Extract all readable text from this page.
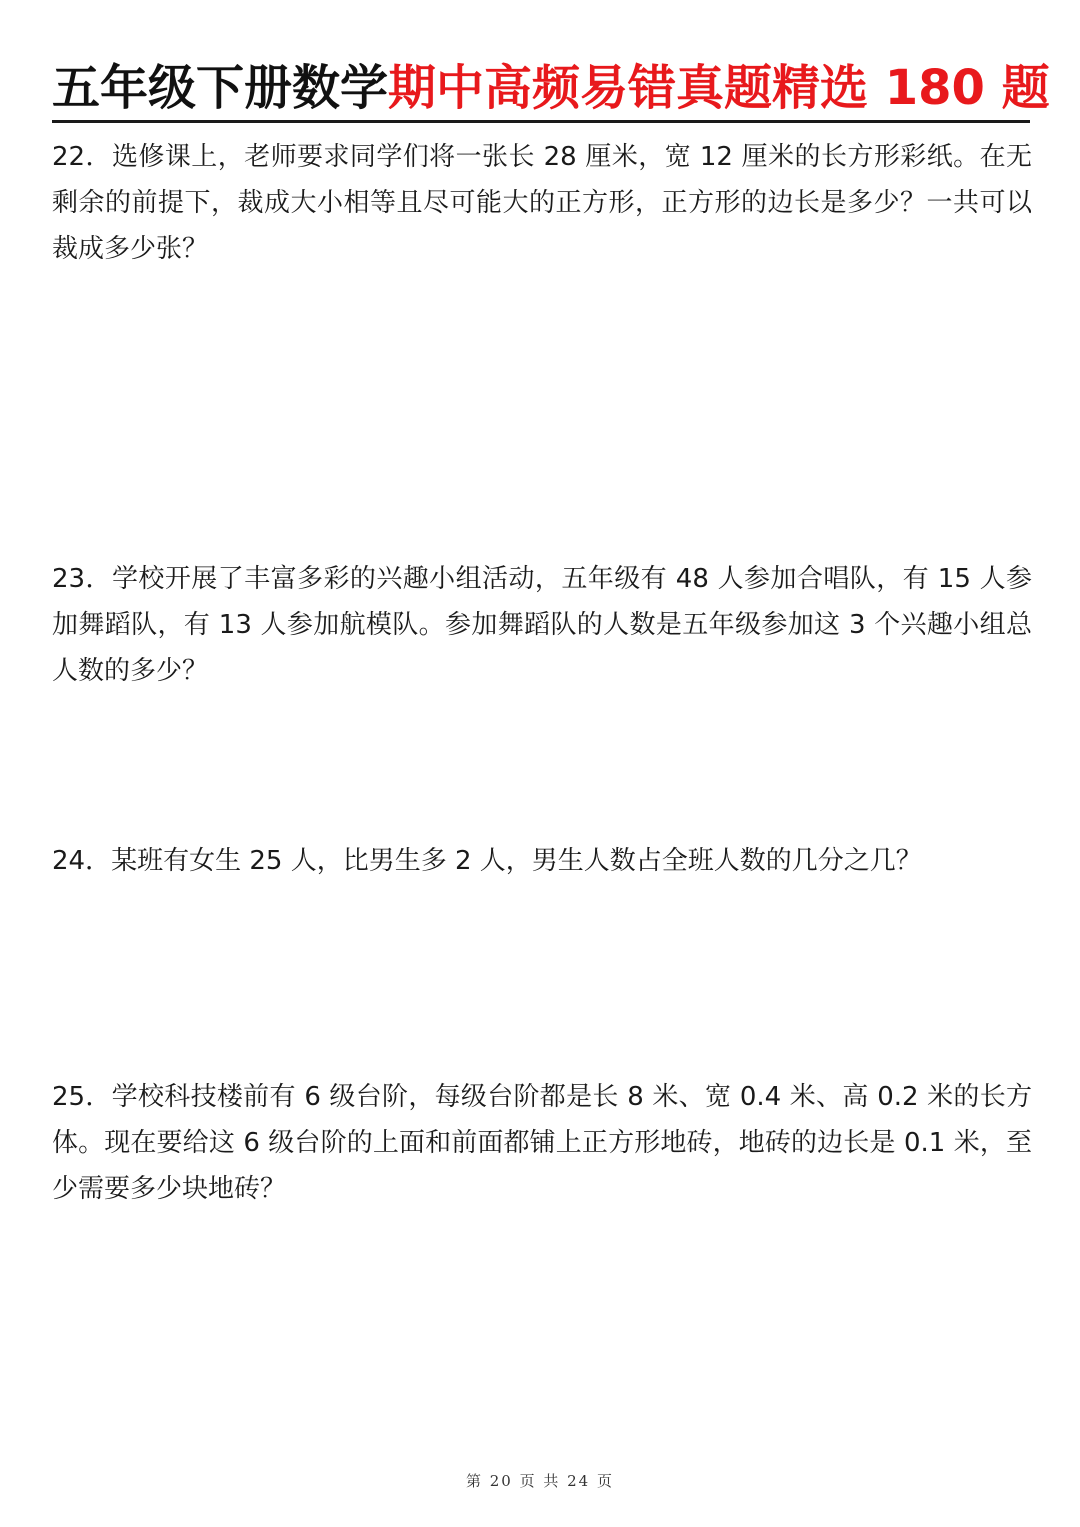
五年级下册数学期中高频易错真题精选 180 题
22．选修课上，老师要求同学们将一张长 28 厘米，宽 12 厘米的长方形彩纸。在无剩余的前提下，裁成大小相等且尽可能大的正方形，正方形的边长是多少？一共可以裁成多少张？
23．学校开展了丰富多彩的兴趣小组活动，五年级有 48 人参加合唱队，有 15 人参加舞蹈队，有 13 人参加航模队。参加舞蹈队的人数是五年级参加这 3 个兴趣小组总人数的多少？
24．某班有女生 25 人，比男生多 2 人，男生人数占全班人数的几分之几？
25．学校科技楼前有 6 级台阶，每级台阶都是长 8 米、宽 0.4 米、高 0.2 米的长方体。现在要给这 6 级台阶的上面和前面都铺上正方形地砖，地砖的边长是 0.1 米，至少需要多少块地砖？
第 20 页 共 24 页
